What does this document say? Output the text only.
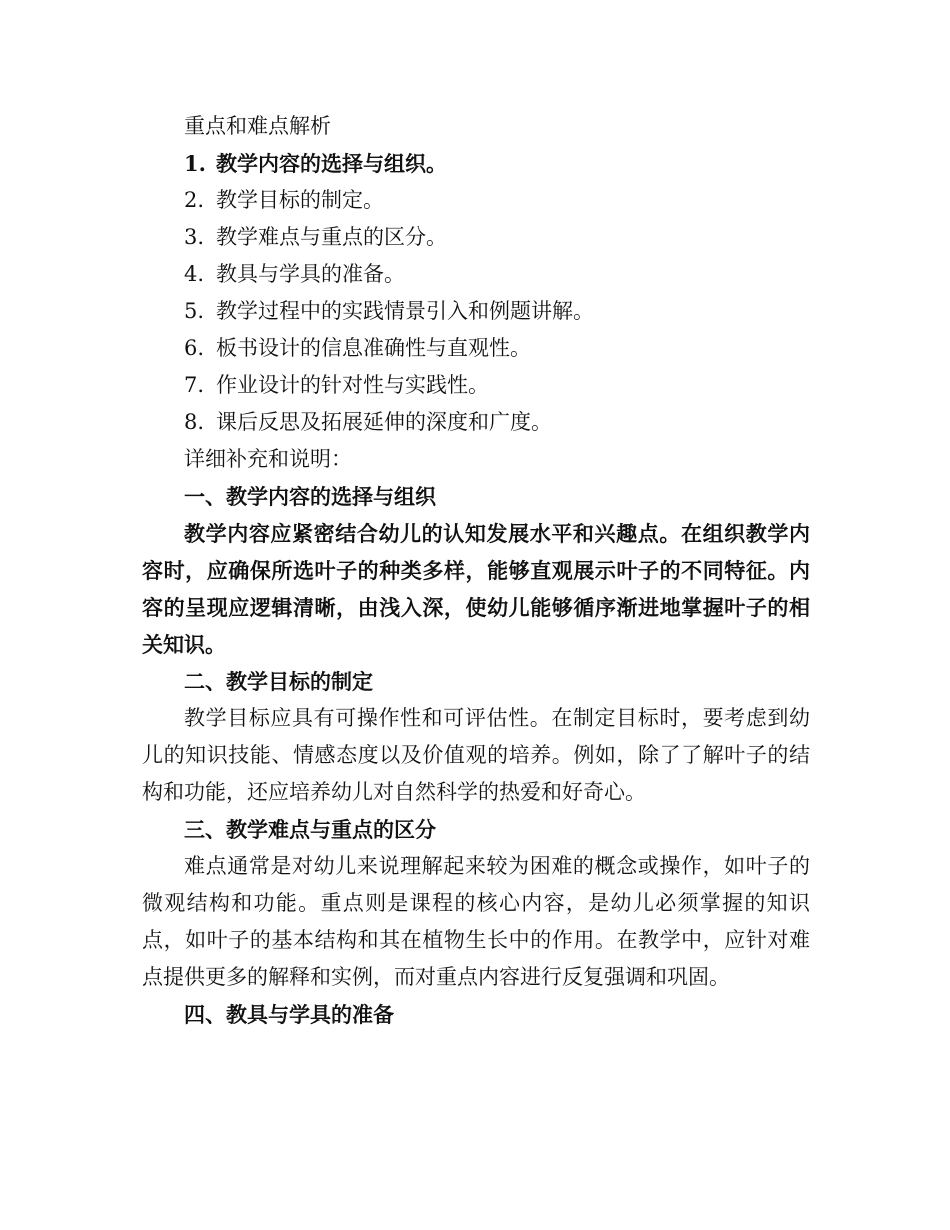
重点和难点解析
1. 教学内容的选择与组织。
2. 教学目标的制定。
3. 教学难点与重点的区分。
4. 教具与学具的准备。
5. 教学过程中的实践情景引入和例题讲解。
6. 板书设计的信息准确性与直观性。
7. 作业设计的针对性与实践性。
8. 课后反思及拓展延伸的深度和广度。
详细补充和说明：
一、教学内容的选择与组织

教学内容应紧密结合幼儿的认知发展水平和兴趣点。在组织教学内容时，应确保所选叶子的种类多样，能够直观展示叶子的不同特征。内容的呈现应逻辑清晰，由浅入深，使幼儿能够循序渐进地掌握叶子的相关知识。

二、教学目标的制定

教学目标应具有可操作性和可评估性。在制定目标时，要考虑到幼儿的知识技能、情感态度以及价值观的培养。例如，除了了解叶子的结构和功能，还应培养幼儿对自然科学的热爱和好奇心。

三、教学难点与重点的区分

难点通常是对幼儿来说理解起来较为困难的概念或操作，如叶子的微观结构和功能。重点则是课程的核心内容，是幼儿必须掌握的知识点，如叶子的基本结构和其在植物生长中的作用。在教学中，应针对难点提供更多的解释和实例，而对重点内容进行反复强调和巩固。

四、教具与学具的准备
